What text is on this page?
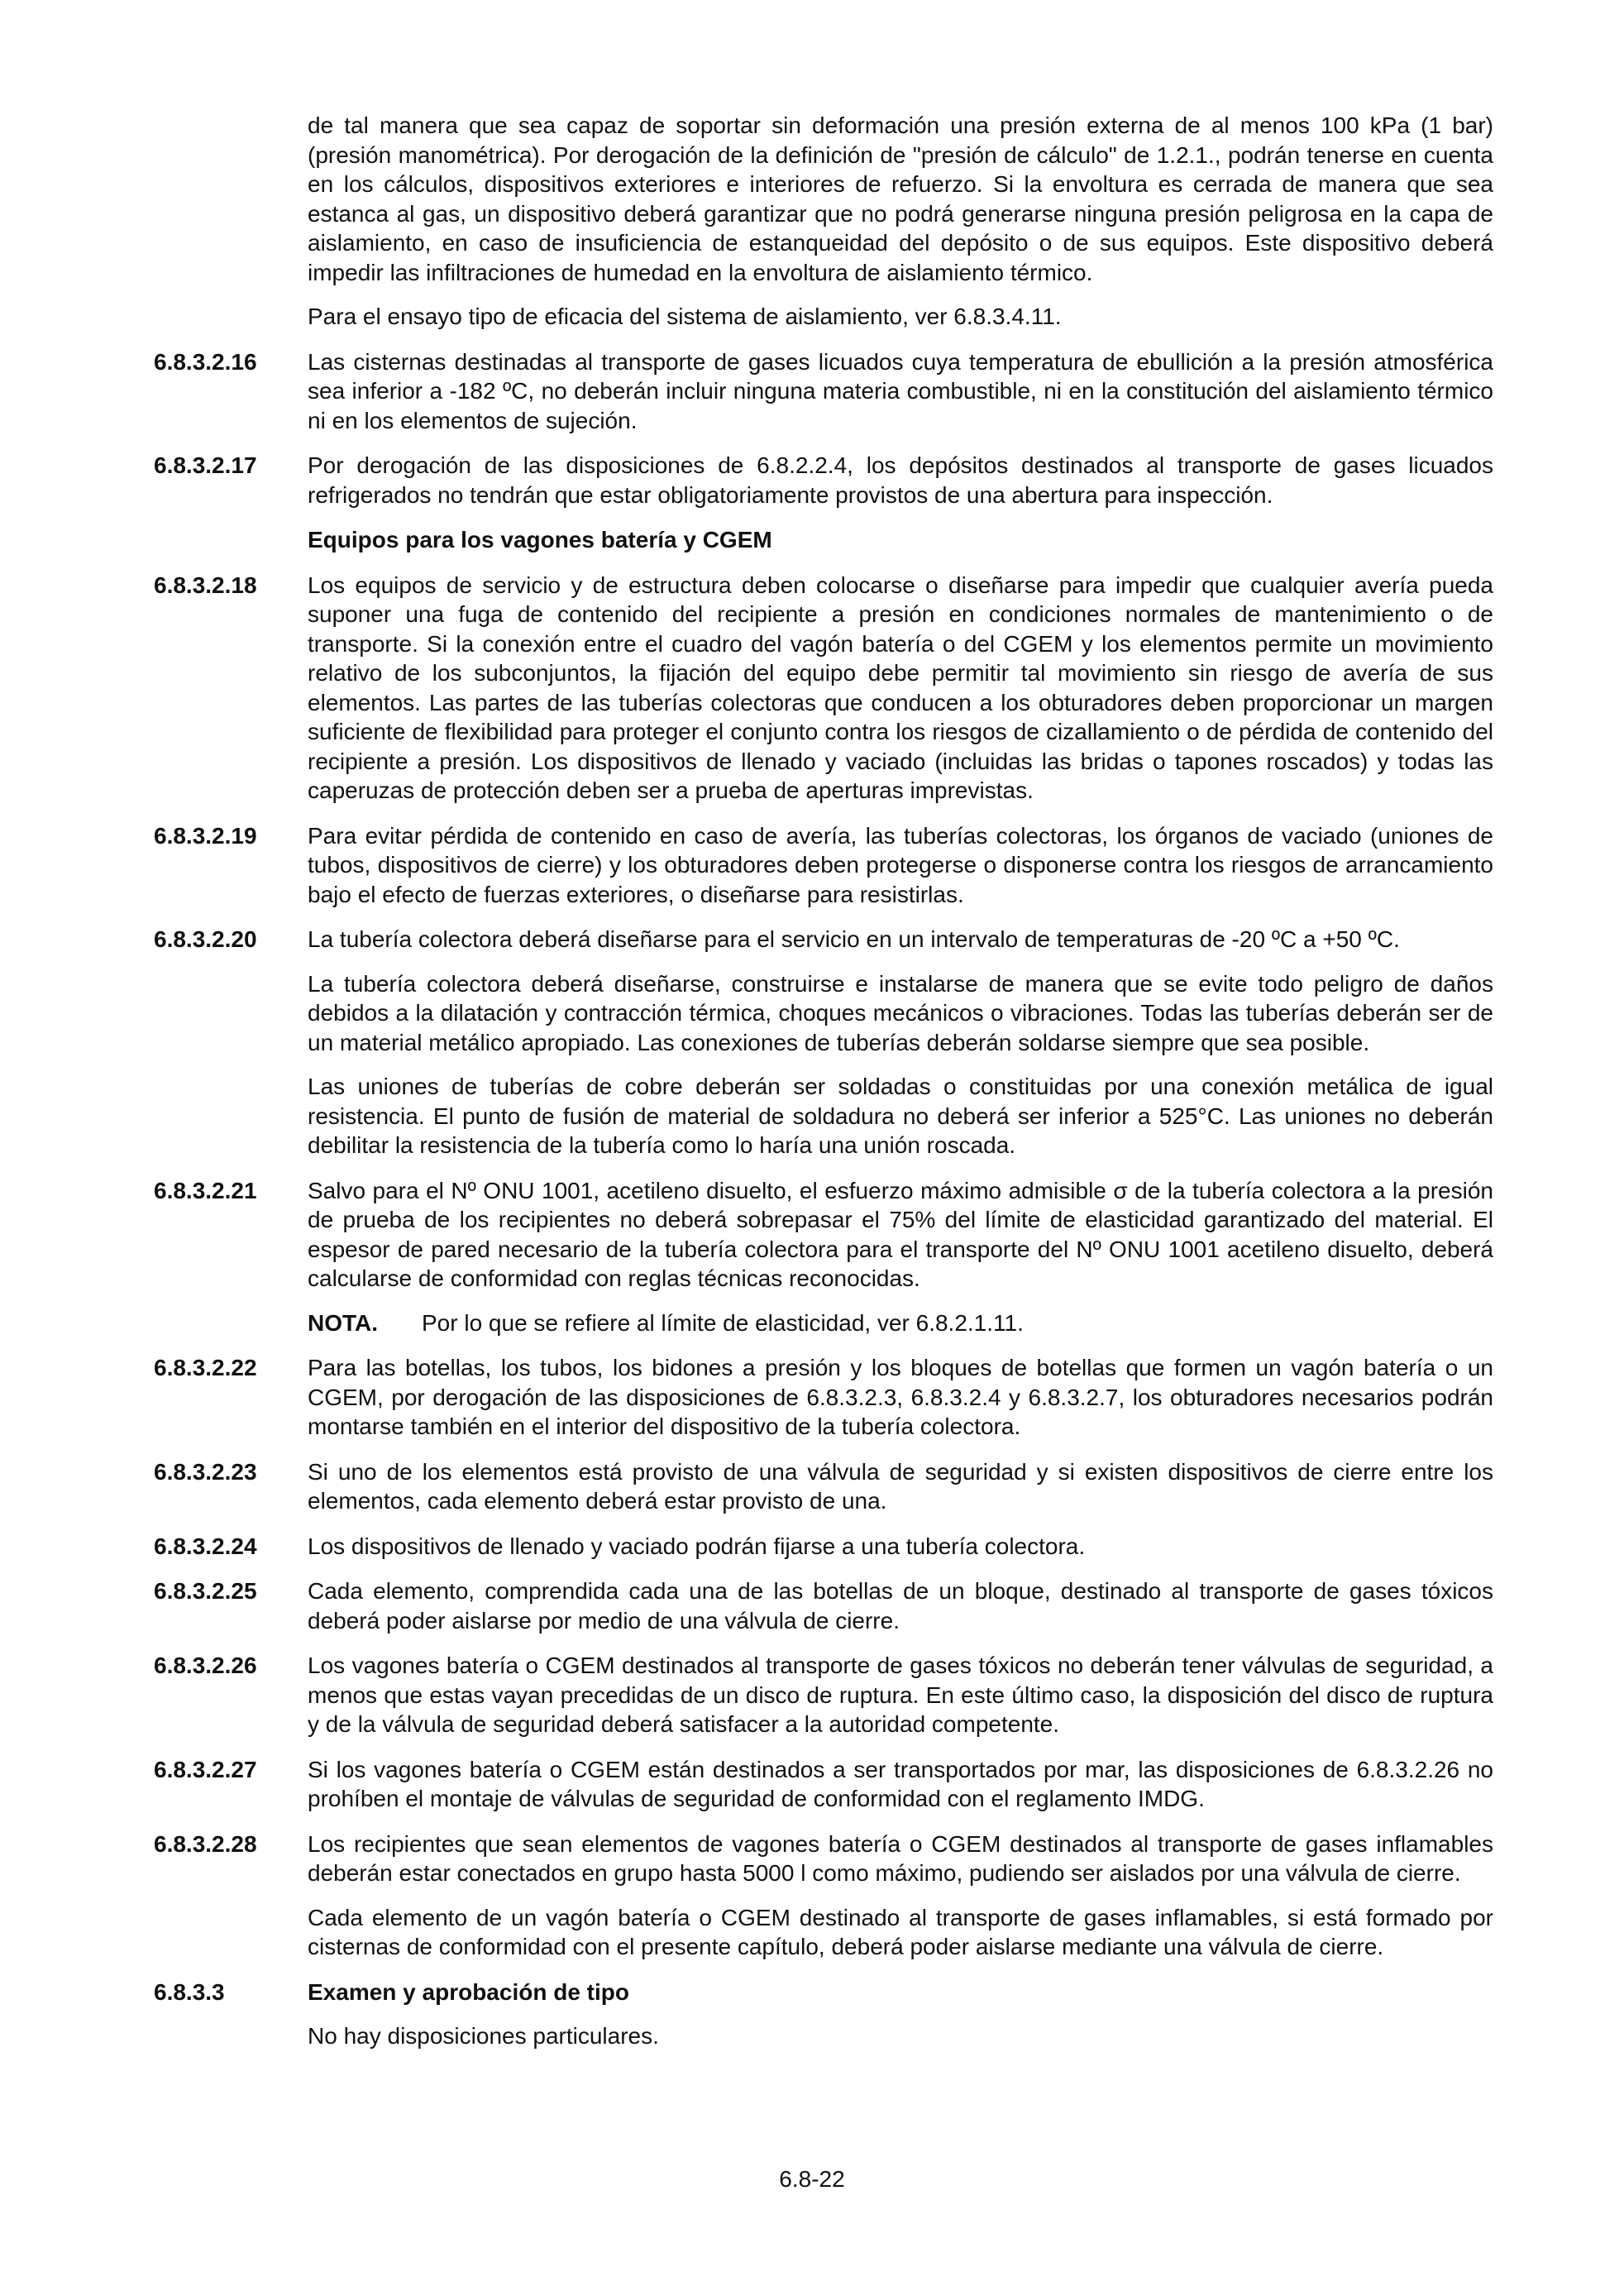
de tal manera que sea capaz de soportar sin deformación una presión externa de al menos 100 kPa (1 bar) (presión manométrica). Por derogación de la definición de "presión de cálculo" de 1.2.1., podrán tenerse en cuenta en los cálculos, dispositivos exteriores e interiores de refuerzo. Si la envoltura es cerrada de manera que sea estanca al gas, un dispositivo deberá garantizar que no podrá generarse ninguna presión peligrosa en la capa de aislamiento, en caso de insuficiencia de estanqueidad del depósito o de sus equipos. Este dispositivo deberá impedir las infiltraciones de humedad en la envoltura de aislamiento térmico.

Para el ensayo tipo de eficacia del sistema de aislamiento, ver 6.8.3.4.11.

6.8.3.2.16	Las cisternas destinadas al transporte de gases licuados cuya temperatura de ebullición a la presión atmosférica sea inferior a -182 ºC, no deberán incluir ninguna materia combustible, ni en la constitución del aislamiento térmico ni en los elementos de sujeción.

6.8.3.2.17	Por derogación de las disposiciones de 6.8.2.2.4, los depósitos destinados al transporte de gases licuados refrigerados no tendrán que estar obligatoriamente provistos de una abertura para inspección.

Equipos para los vagones batería y CGEM

6.8.3.2.18	Los equipos de servicio y de estructura deben colocarse o diseñarse para impedir que cualquier avería pueda suponer una fuga de contenido del recipiente a presión en condiciones normales de mantenimiento o de transporte. Si la conexión entre el cuadro del vagón batería o del CGEM y los elementos permite un movimiento relativo de los subconjuntos, la fijación del equipo debe permitir tal movimiento sin riesgo de avería de sus elementos. Las partes de las tuberías colectoras que conducen a los obturadores deben proporcionar un margen suficiente de flexibilidad para proteger el conjunto contra los riesgos de cizallamiento o de pérdida de contenido del recipiente a presión. Los dispositivos de llenado y vaciado (incluidas las bridas o tapones roscados) y todas las caperuzas de protección deben ser a prueba de aperturas imprevistas.

6.8.3.2.19	Para evitar pérdida de contenido en caso de avería, las tuberías colectoras, los órganos de vaciado (uniones de tubos, dispositivos de cierre) y los obturadores deben protegerse o disponerse contra los riesgos de arrancamiento bajo el efecto de fuerzas exteriores, o diseñarse para resistirlas.

6.8.3.2.20	La tubería colectora deberá diseñarse para el servicio en un intervalo de temperaturas de -20 ºC a +50 ºC.

La tubería colectora deberá diseñarse, construirse e instalarse de manera que se evite todo peligro de daños debidos a la dilatación y contracción térmica, choques mecánicos o vibraciones. Todas las tuberías deberán ser de un material metálico apropiado. Las conexiones de tuberías deberán soldarse siempre que sea posible.

Las uniones de tuberías de cobre deberán ser soldadas o constituidas por una conexión metálica de igual resistencia. El punto de fusión de material de soldadura no deberá ser inferior a 525°C. Las uniones no deberán debilitar la resistencia de la tubería como lo haría una unión roscada.

6.8.3.2.21	Salvo para el Nº ONU 1001, acetileno disuelto, el esfuerzo máximo admisible σ de la tubería colectora a la presión de prueba de los recipientes no deberá sobrepasar el 75% del límite de elasticidad garantizado del material. El espesor de pared necesario de la tubería colectora para el transporte del Nº ONU 1001 acetileno disuelto, deberá calcularse de conformidad con reglas técnicas reconocidas.

NOTA. Por lo que se refiere al límite de elasticidad, ver 6.8.2.1.11.

6.8.3.2.22	Para las botellas, los tubos, los bidones a presión y los bloques de botellas que formen un vagón batería o un CGEM, por derogación de las disposiciones de 6.8.3.2.3, 6.8.3.2.4 y 6.8.3.2.7, los obturadores necesarios podrán montarse también en el interior del dispositivo de la tubería colectora.

6.8.3.2.23	Si uno de los elementos está provisto de una válvula de seguridad y si existen dispositivos de cierre entre los elementos, cada elemento deberá estar provisto de una.

6.8.3.2.24	Los dispositivos de llenado y vaciado podrán fijarse a una tubería colectora.

6.8.3.2.25	Cada elemento, comprendida cada una de las botellas de un bloque, destinado al transporte de gases tóxicos deberá poder aislarse por medio de una válvula de cierre.

6.8.3.2.26	Los vagones batería o CGEM destinados al transporte de gases tóxicos no deberán tener válvulas de seguridad, a menos que estas vayan precedidas de un disco de ruptura. En este último caso, la disposición del disco de ruptura y de la válvula de seguridad deberá satisfacer a la autoridad competente.

6.8.3.2.27	Si los vagones batería o CGEM están destinados a ser transportados por mar, las disposiciones de 6.8.3.2.26 no prohíben el montaje de válvulas de seguridad de conformidad con el reglamento IMDG.

6.8.3.2.28	Los recipientes que sean elementos de vagones batería o CGEM destinados al transporte de gases inflamables deberán estar conectados en grupo hasta 5000 l como máximo, pudiendo ser aislados por una válvula de cierre.

Cada elemento de un vagón batería o CGEM destinado al transporte de gases inflamables, si está formado por cisternas de conformidad con el presente capítulo, deberá poder aislarse mediante una válvula de cierre.

6.8.3.3	Examen y aprobación de tipo

No hay disposiciones particulares.

6.8-22
